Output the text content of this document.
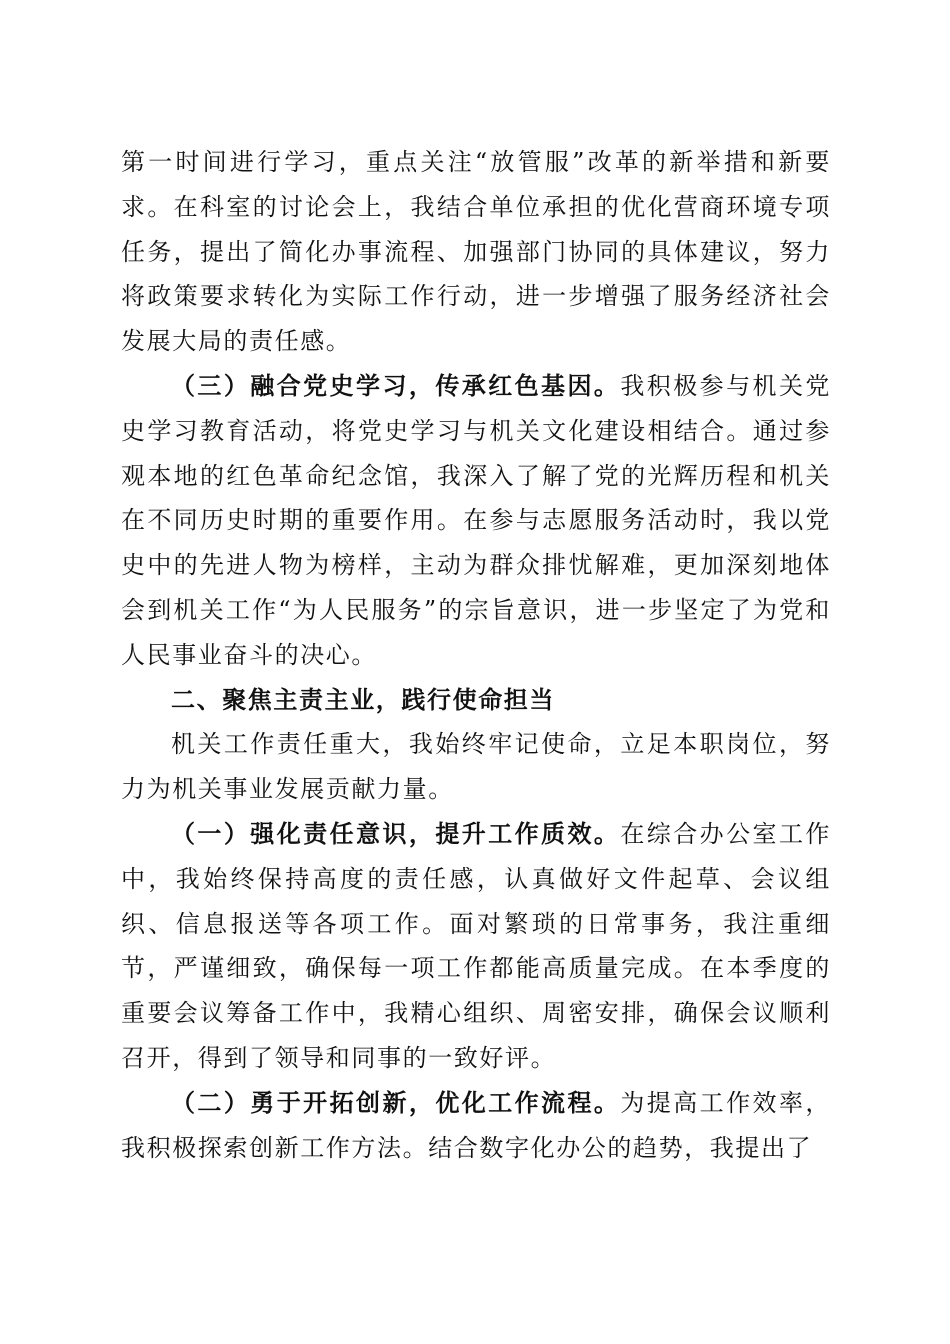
第一时间进行学习，重点关注“放管服”改革的新举措和新要求。在科室的讨论会上，我结合单位承担的优化营商环境专项任务，提出了简化办事流程、加强部门协同的具体建议，努力将政策要求转化为实际工作行动，进一步增强了服务经济社会发展大局的责任感。

（三）融合党史学习，传承红色基因。我积极参与机关党史学习教育活动，将党史学习与机关文化建设相结合。通过参观本地的红色革命纪念馆，我深入了解了党的光辉历程和机关在不同历史时期的重要作用。在参与志愿服务活动时，我以党史中的先进人物为榜样，主动为群众排忧解难，更加深刻地体会到机关工作“为人民服务”的宗旨意识，进一步坚定了为党和人民事业奋斗的决心。

二、聚焦主责主业，践行使命担当

机关工作责任重大，我始终牢记使命，立足本职岗位，努力为机关事业发展贡献力量。

（一）强化责任意识，提升工作质效。在综合办公室工作中，我始终保持高度的责任感，认真做好文件起草、会议组织、信息报送等各项工作。面对繁琐的日常事务，我注重细节，严谨细致，确保每一项工作都能高质量完成。在本季度的重要会议筹备工作中，我精心组织、周密安排，确保会议顺利召开，得到了领导和同事的一致好评。

（二）勇于开拓创新，优化工作流程。为提高工作效率，我积极探索创新工作方法。结合数字化办公的趋势，我提出了
